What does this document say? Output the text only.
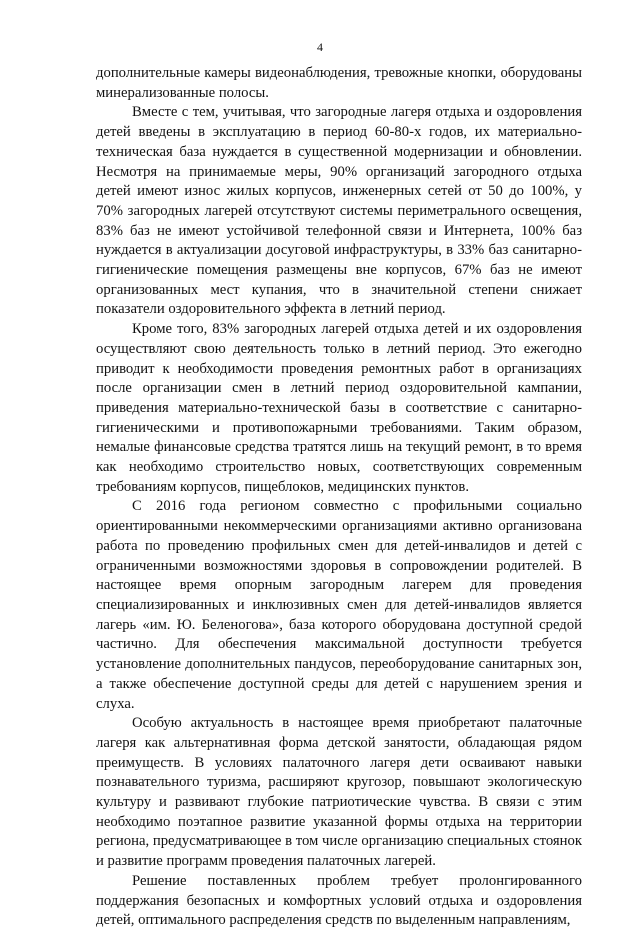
4

дополнительные камеры видеонаблюдения, тревожные кнопки, оборудованы минерализованные полосы.

Вместе с тем, учитывая, что загородные лагеря отдыха и оздоровления детей введены в эксплуатацию в период 60-80-х годов, их материально-техническая база нуждается в существенной модернизации и обновлении. Несмотря на принимаемые меры, 90% организаций загородного отдыха детей имеют износ жилых корпусов, инженерных сетей от 50 до 100%, у 70% загородных лагерей отсутствуют системы периметрального освещения, 83% баз не имеют устойчивой телефонной связи и Интернета, 100% баз нуждается в актуализации досуговой инфраструктуры, в 33% баз санитарно-гигиенические помещения размещены вне корпусов, 67% баз не имеют организованных мест купания, что в значительной степени снижает показатели оздоровительного эффекта в летний период.

Кроме того, 83% загородных лагерей отдыха детей и их оздоровления осуществляют свою деятельность только в летний период. Это ежегодно приводит к необходимости проведения ремонтных работ в организациях после организации смен в летний период оздоровительной кампании, приведения материально-технической базы в соответствие с санитарно-гигиеническими и противопожарными требованиями. Таким образом, немалые финансовые средства тратятся лишь на текущий ремонт, в то время как необходимо строительство новых, соответствующих современным требованиям корпусов, пищеблоков, медицинских пунктов.

С 2016 года регионом совместно с профильными социально ориентированными некоммерческими организациями активно организована работа по проведению профильных смен для детей-инвалидов и детей с ограниченными возможностями здоровья в сопровождении родителей. В настоящее время опорным загородным лагерем для проведения специализированных и инклюзивных смен для детей-инвалидов является лагерь «им. Ю. Беленогова», база которого оборудована доступной средой частично. Для обеспечения максимальной доступности требуется установление дополнительных пандусов, переоборудование санитарных зон, а также обеспечение доступной среды для детей с нарушением зрения и слуха.

Особую актуальность в настоящее время приобретают палаточные лагеря как альтернативная форма детской занятости, обладающая рядом преимуществ. В условиях палаточного лагеря дети осваивают навыки познавательного туризма, расширяют кругозор, повышают экологическую культуру и развивают глубокие патриотические чувства. В связи с этим необходимо поэтапное развитие указанной формы отдыха на территории региона, предусматривающее в том числе организацию специальных стоянок и развитие программ проведения палаточных лагерей.

Решение поставленных проблем требует пролонгированного поддержания безопасных и комфортных условий отдыха и оздоровления детей, оптимального распределения средств по выделенным направлениям,
